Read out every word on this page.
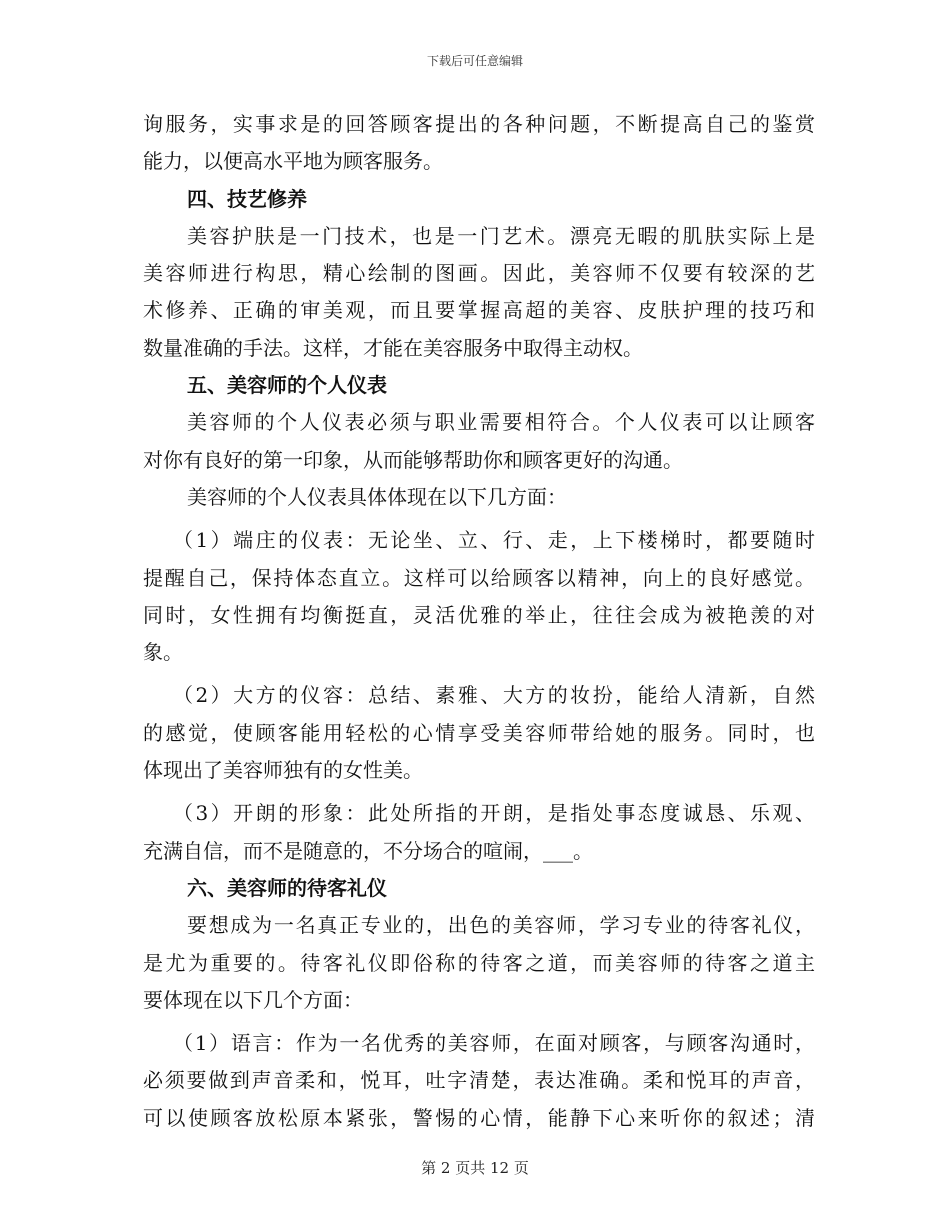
下载后可任意编辑
询服务，实事求是的回答顾客提出的各种问题，不断提高自己的鉴赏
能力，以便高水平地为顾客服务。
四、技艺修养
美容护肤是一门技术，也是一门艺术。漂亮无暇的肌肤实际上是
美容师进行构思，精心绘制的图画。因此，美容师不仅要有较深的艺
术修养、正确的审美观，而且要掌握高超的美容、皮肤护理的技巧和
数量准确的手法。这样，才能在美容服务中取得主动权。
五、美容师的个人仪表
美容师的个人仪表必须与职业需要相符合。个人仪表可以让顾客
对你有良好的第一印象，从而能够帮助你和顾客更好的沟通。
美容师的个人仪表具体体现在以下几方面：
（1）端庄的仪表：无论坐、立、行、走，上下楼梯时，都要随时
提醒自己，保持体态直立。这样可以给顾客以精神，向上的良好感觉。
同时，女性拥有均衡挺直，灵活优雅的举止，往往会成为被艳羡的对
象。
（2）大方的仪容：总结、素雅、大方的妆扮，能给人清新，自然
的感觉，使顾客能用轻松的心情享受美容师带给她的服务。同时，也
体现出了美容师独有的女性美。
（3）开朗的形象：此处所指的开朗，是指处事态度诚恳、乐观、
充满自信，而不是随意的，不分场合的喧闹，___。
六、美容师的待客礼仪
要想成为一名真正专业的，出色的美容师，学习专业的待客礼仪，
是尤为重要的。待客礼仪即俗称的待客之道，而美容师的待客之道主
要体现在以下几个方面：
（1）语言：作为一名优秀的美容师，在面对顾客，与顾客沟通时，
必须要做到声音柔和，悦耳，吐字清楚，表达准确。柔和悦耳的声音，
可以使顾客放松原本紧张，警惕的心情，能静下心来听你的叙述；清
第 2 页共 12 页
